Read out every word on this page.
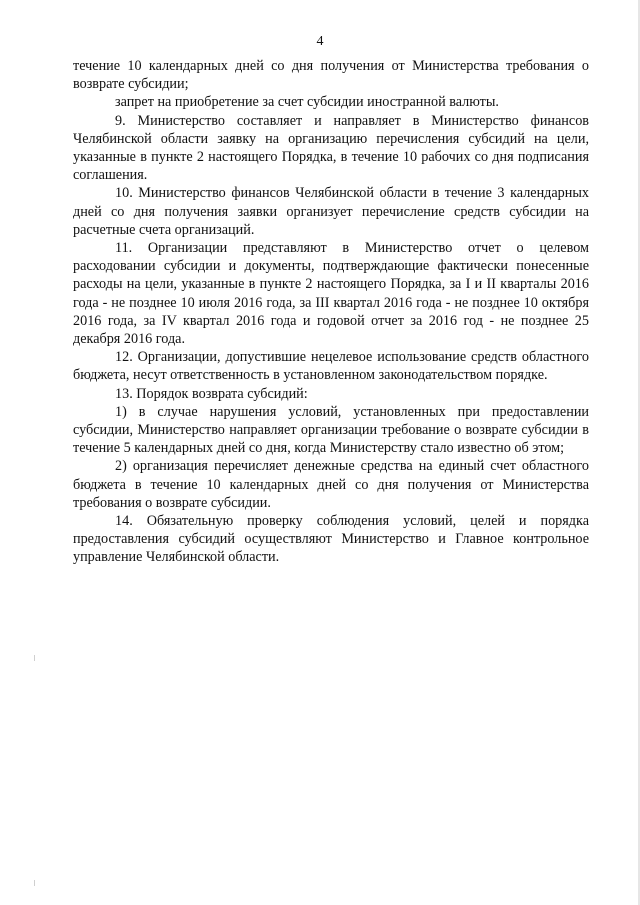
4

течение 10 календарных дней со дня получения от Министерства требования о возврате субсидии;

запрет на приобретение за счет субсидии иностранной валюты.

9. Министерство составляет и направляет в Министерство финансов Челябинской области заявку на организацию перечисления субсидий на цели, указанные в пункте 2 настоящего Порядка, в течение 10 рабочих со дня подписания соглашения.

10. Министерство финансов Челябинской области в течение 3 календарных дней со дня получения заявки организует перечисление средств субсидии на расчетные счета организаций.

11. Организации представляют в Министерство отчет о целевом расходовании субсидии и документы, подтверждающие фактически понесенные расходы на цели, указанные в пункте 2 настоящего Порядка, за I и II кварталы 2016 года - не позднее 10 июля 2016 года, за III квартал 2016 года - не позднее 10 октября 2016 года, за IV квартал 2016 года и годовой отчет за 2016 год - не позднее 25 декабря 2016 года.

12. Организации, допустившие нецелевое использование средств областного бюджета, несут ответственность в установленном законодательством порядке.

13. Порядок возврата субсидий:

1) в случае нарушения условий, установленных при предоставлении субсидии, Министерство направляет организации требование о возврате субсидии в течение 5 календарных дней со дня, когда Министерству стало известно об этом;

2) организация перечисляет денежные средства на единый счет областного бюджета в течение 10 календарных дней со дня получения от Министерства требования о возврате субсидии.

14. Обязательную проверку соблюдения условий, целей и порядка предоставления субсидий осуществляют Министерство и Главное контрольное управление Челябинской области.
